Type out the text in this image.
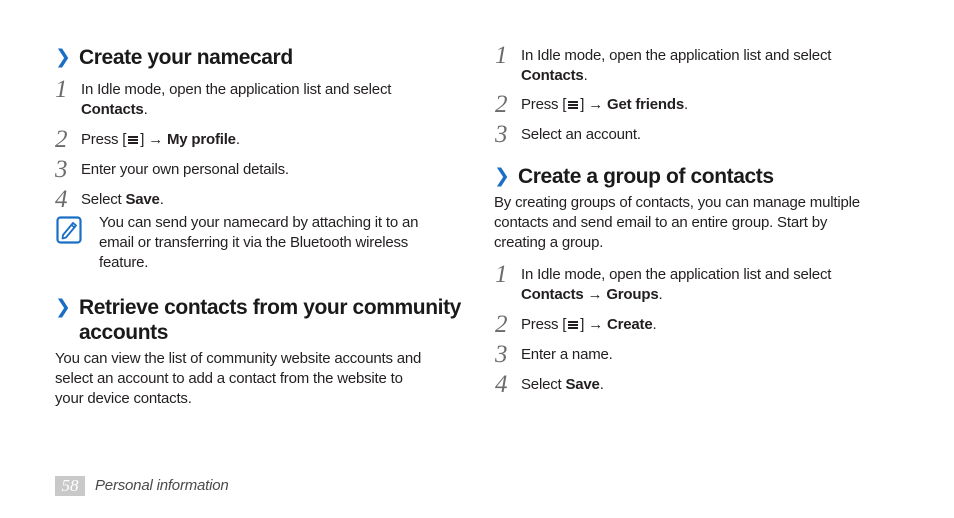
❯ Create your namecard
1 In Idle mode, open the application list and select
Contacts.
2 Press [ ] → My profile.
3 Enter your own personal details.
4 Select Save.
You can send your namecard by attaching it to an
email or transferring it via the Bluetooth wireless
feature.
❯ Retrieve contacts from your community
accounts
You can view the list of community website accounts and
select an account to add a contact from the website to
your device contacts.
1 In Idle mode, open the application list and select
Contacts.
2 Press [ ] → Get friends.
3 Select an account.
❯ Create a group of contacts
By creating groups of contacts, you can manage multiple
contacts and send email to an entire group. Start by
creating a group.
1 In Idle mode, open the application list and select
Contacts → Groups.
2 Press [ ] → Create.
3 Enter a name.
4 Select Save.
58	Personal information
